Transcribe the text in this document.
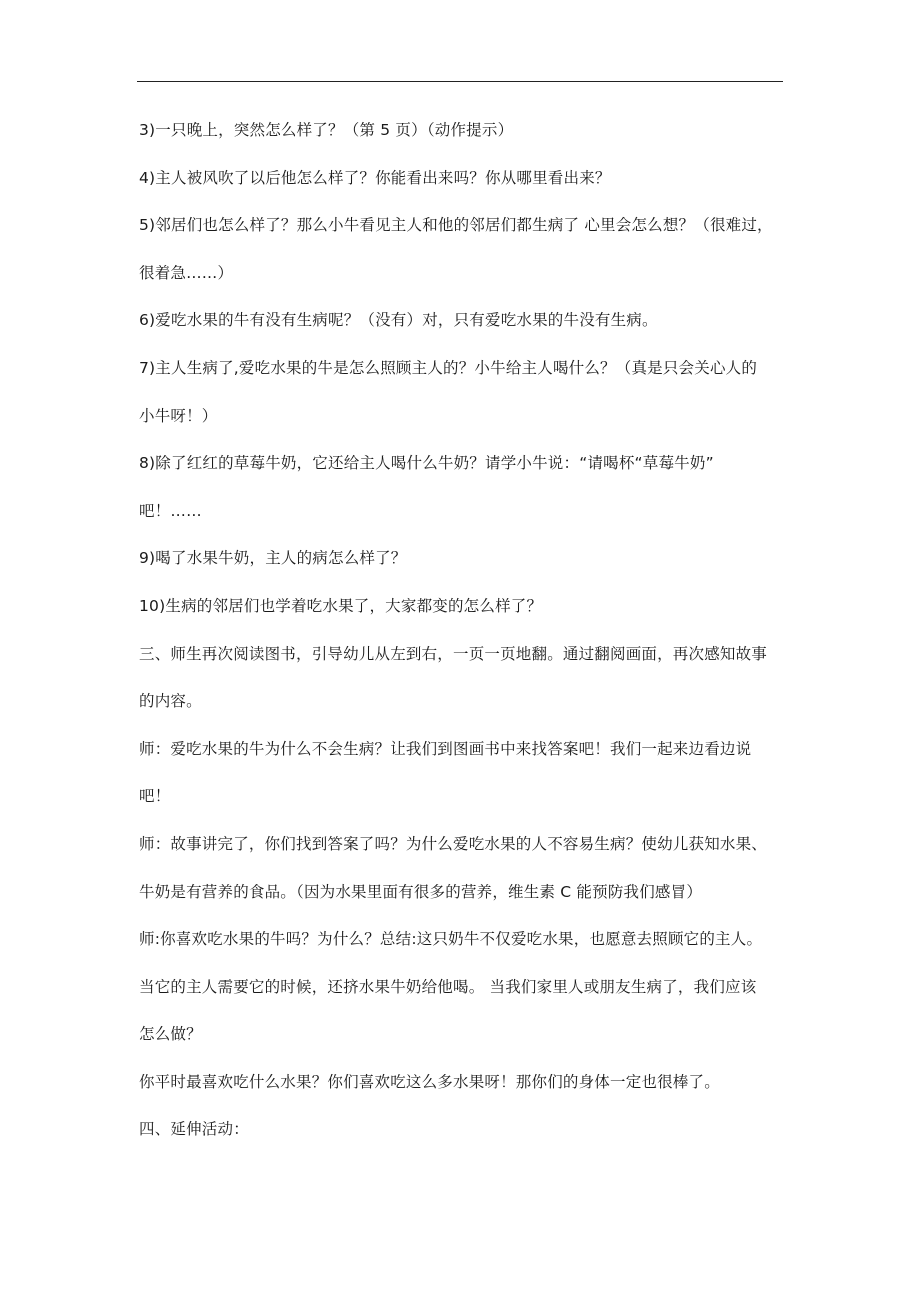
3)一只晚上，突然怎么样了？（第 5 页）（动作提示）
4)主人被风吹了以后他怎么样了？你能看出来吗？你从哪里看出来？
5)邻居们也怎么样了？那么小牛看见主人和他的邻居们都生病了 心里会怎么想？（很难过，
很着急……）
6)爱吃水果的牛有没有生病呢？（没有）对，只有爱吃水果的牛没有生病。
7)主人生病了,爱吃水果的牛是怎么照顾主人的？小牛给主人喝什么？（真是只会关心人的
小牛呀！）
8)除了红红的草莓牛奶，它还给主人喝什么牛奶？请学小牛说：“请喝杯“草莓牛奶”
吧！……
9)喝了水果牛奶，主人的病怎么样了？
10)生病的邻居们也学着吃水果了，大家都变的怎么样了？
三、师生再次阅读图书，引导幼儿从左到右，一页一页地翻。通过翻阅画面，再次感知故事
的内容。
师：爱吃水果的牛为什么不会生病？让我们到图画书中来找答案吧！我们一起来边看边说
吧！
师：故事讲完了，你们找到答案了吗？为什么爱吃水果的人不容易生病？使幼儿获知水果、
牛奶是有营养的食品。（因为水果里面有很多的营养，维生素 C 能预防我们感冒）
师:你喜欢吃水果的牛吗？为什么？总结:这只奶牛不仅爱吃水果，也愿意去照顾它的主人。
当它的主人需要它的时候，还挤水果牛奶给他喝。 当我们家里人或朋友生病了，我们应该
怎么做？
你平时最喜欢吃什么水果？你们喜欢吃这么多水果呀！那你们的身体一定也很棒了。
四、延伸活动：
